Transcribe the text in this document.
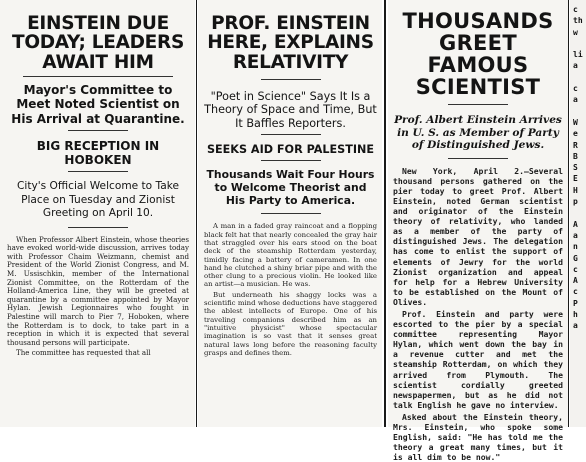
EINSTEIN DUE TODAY; LEADERS AWAIT HIM
Mayor's Committee to Meet Noted Scientist on His Arrival at Quarantine.
BIG RECEPTION IN HOBOKEN
City's Official Welcome to Take Place on Tuesday and Zionist Greeting on April 10.

When Professor Albert Einstein, whose theories have evoked world-wide discussion, arrives today with Professor Chaim Weizmann, chemist and President of the World Zionist Congress, and M. M. Ussischkin, member of the International Zionist Committee, on the Rotterdam of the Holland-America Line, they will be greeted at quarantine by a committee appointed by Mayor Hylan. Jewish Legionnaires who fought in Palestine will march to Pier 7, Hoboken, where the Rotterdam is to dock, to take part in a reception in which it is expected that several thousand persons will participate.

The committee has requested that all

PROF. EINSTEIN HERE, EXPLAINS RELATIVITY
"Poet in Science" Says It Is a Theory of Space and Time, But It Baffles Reporters.
SEEKS AID FOR PALESTINE
Thousands Wait Four Hours to Welcome Theorist and His Party to America.

A man in a faded gray raincoat and a flopping black felt hat that nearly concealed the gray hair that straggled over his ears stood on the boat deck of the steamship Rotterdam yesterday, timidly facing a battery of cameramen. In one hand he clutched a shiny briar pipe and with the other clung to a precious violin. He looked like an artist—a musician. He was.

But underneath his shaggy locks was a scientific mind whose deductions have staggered the ablest intellects of Europe. One of his traveling companions described him as an "intuitive physicist" whose spectacular imagination is so vast that it senses great natural laws long before the reasoning faculty grasps and defines them.

THOUSANDS GREET FAMOUS SCIENTIST
Prof. Albert Einstein Arrives in U. S. as Member of Party of Distinguished Jews.

New York, April 2.—Several thousand persons gathered on the pier today to greet Prof. Albert Einstein, noted German scientist and originator of the Einstein theory of relativity, who landed as a member of the party of distinguished Jews. The delegation has come to enlist the support of elements of Jewry for the world Zionist organization and appeal for help for a Hebrew University to be established on the Mount of Olives.

Prof. Einstein and party were escorted to the pier by a special committee representing Mayor Hylan, which went down the bay in a revenue cutter and met the steamship Rotterdam, on which they arrived from Plymouth. The scientist cordially greeted newspapermen, but as he did not talk English he gave no interview.

Asked about the Einstein theory, Mrs. Einstein, who spoke some English, said: "He has told me the theory a great many times, but it is all dim to be now."

c
th
w

li
a

c
a

W
e
R
B
S
E
H
p

A
a
n
G
c
A
c
P
h
a
